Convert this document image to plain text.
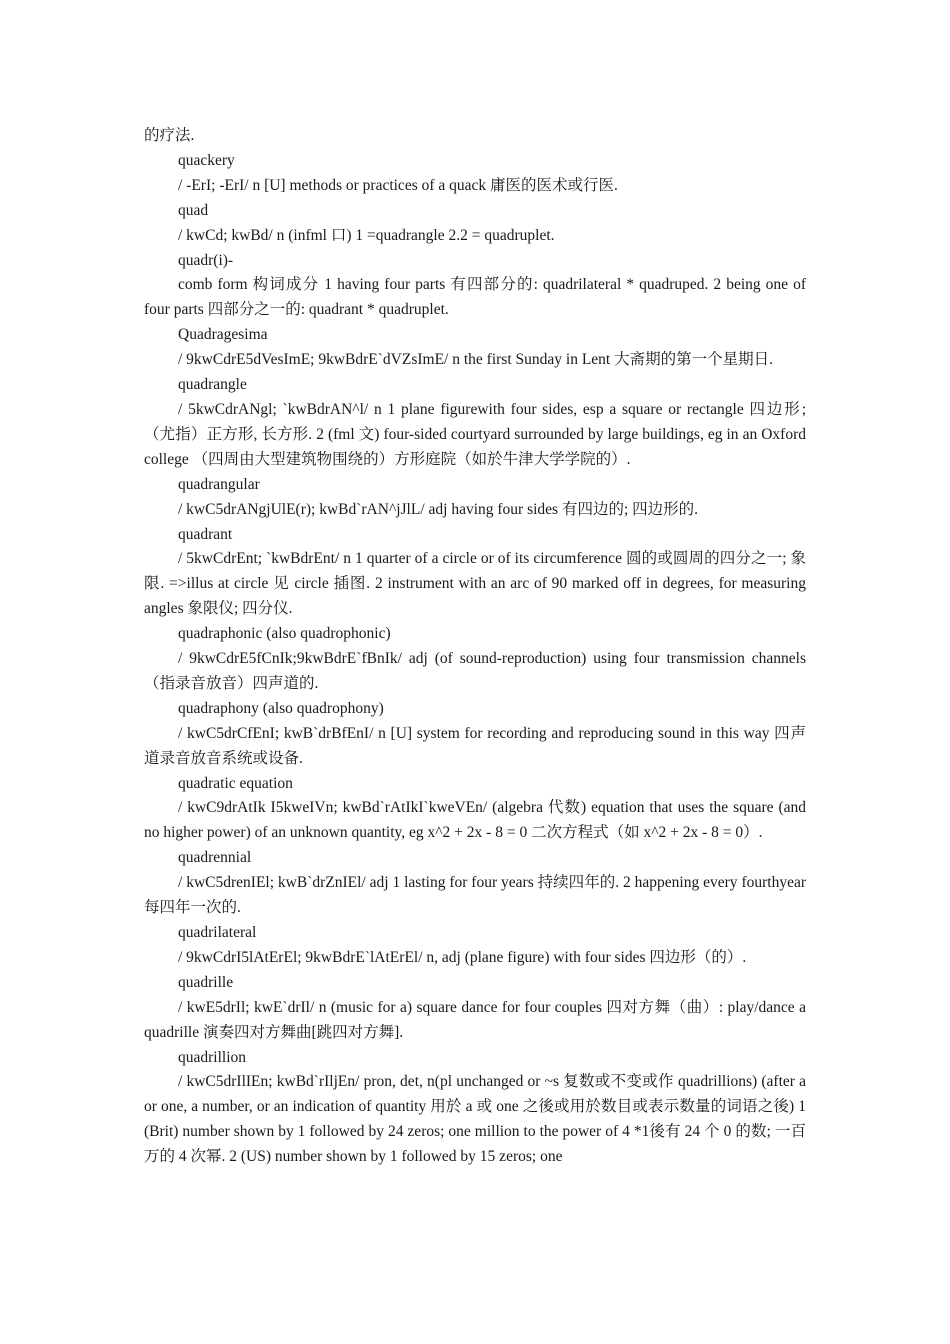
的疗法.

quackery

/ -ErI; -ErI/ n [U] methods or practices of a quack 庸医的医术或行医.

quad

/ kwCd; kwBd/ n (infml 口) 1 =quadrangle 2.2 = quadruplet.

quadr(i)-

comb form 构词成分 1 having four parts 有四部分的: quadrilateral * quadruped. 2 being one of four parts 四部分之一的: quadrant * quadruplet.

Quadragesima

/ 9kwCdrE5dVesImE; 9kwBdrE`dVZsImE/ n the first Sunday in Lent 大斋期的第一个星期日.

quadrangle

/ 5kwCdrANgl; `kwBdrAN^l/ n 1 plane figurewith four sides, esp a square or rectangle 四边形; （尤指）正方形, 长方形. 2 (fml 文) four-sided courtyard surrounded by large buildings, eg in an Oxford college （四周由大型建筑物围绕的）方形庭院（如於牛津大学学院的）.

quadrangular

/ kwC5drANgjUlE(r); kwBd`rAN^jJlL/ adj having four sides 有四边的; 四边形的.

quadrant

/ 5kwCdrEnt; `kwBdrEnt/ n 1 quarter of a circle or of its circumference 圆的或圆周的四分之一; 象限. =>illus at circle 见 circle 插图. 2 instrument with an arc of 90 marked off in degrees, for measuring angles 象限仪; 四分仪.

quadraphonic (also quadrophonic)

/ 9kwCdrE5fCnIk;9kwBdrE`fBnIk/ adj (of sound-reproduction) using four transmission channels （指录音放音）四声道的.

quadraphony (also quadrophony)

/ kwC5drCfEnI; kwB`drBfEnI/ n [U] system for recording and reproducing sound in this way 四声道录音放音系统或设备.

quadratic equation

/ kwC9drAtIk I5kweIVn; kwBd`rAtIkI`kweVEn/ (algebra 代数) equation that uses the square (and no higher power) of an unknown quantity, eg x^2 + 2x - 8 = 0 二次方程式（如 x^2 + 2x - 8 = 0）.

quadrennial

/ kwC5drenIEl; kwB`drZnIEl/ adj 1 lasting for four years 持续四年的. 2 happening every fourthyear 每四年一次的.

quadrilateral

/ 9kwCdrI5lAtErEl; 9kwBdrE`lAtErEl/ n, adj (plane figure) with four sides 四边形（的）.

quadrille

/ kwE5drIl; kwE`drIl/ n (music for a) square dance for four couples 四对方舞（曲）: play/dance a quadrille 演奏四对方舞曲[跳四对方舞].

quadrillion

/ kwC5drIlIEn; kwBd`rIljEn/ pron, det, n(pl unchanged or ~s 复数或不变或作 quadrillions) (after a or one, a number, or an indication of quantity 用於 a 或 one 之後或用於数目或表示数量的词语之後) 1 (Brit) number shown by 1 followed by 24 zeros; one million to the power of 4 *1後有 24 个 0 的数; 一百万的 4 次幂. 2 (US) number shown by 1 followed by 15 zeros; one
